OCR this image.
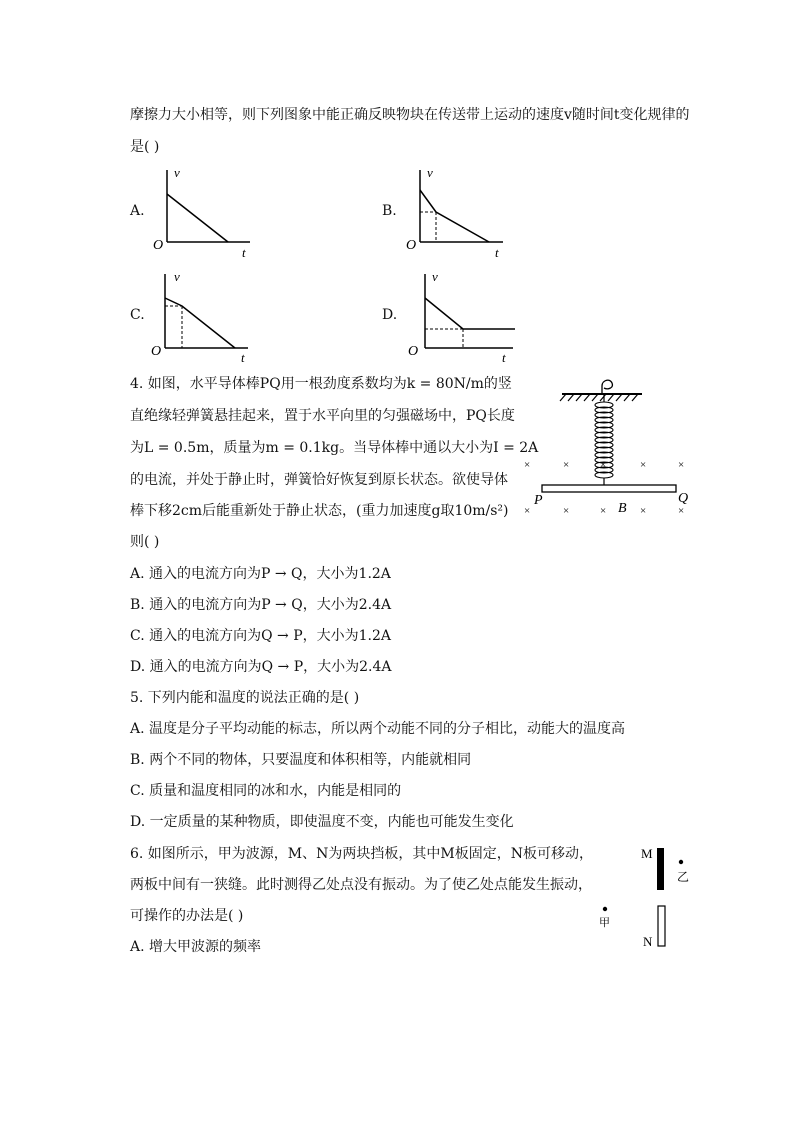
摩擦力大小相等，则下列图象中能正确反映物块在传送带上运动的速度v随时间t变化规律的
是( )
A.
v
O	t
B.
v
O	t
C.
v
O	t
D.
v
O	t
4. 如图，水平导体棒PQ用一根劲度系数均为k = 80N/m的竖
直绝缘轻弹簧悬挂起来，置于水平向里的匀强磁场中，PQ长度
为L = 0.5m，质量为m = 0.1kg。当导体棒中通以大小为I = 2A
的电流，并处于静止时，弹簧恰好恢复到原长状态。欲使导体
棒下移2cm后能重新处于静止状态，(重力加速度g取10m/s²)
则( )
×	×	×	×	×
×	×	×	×	×
P	Q
B
A. 通入的电流方向为P → Q，大小为1.2A
B. 通入的电流方向为P → Q，大小为2.4A
C. 通入的电流方向为Q → P，大小为1.2A
D. 通入的电流方向为Q → P，大小为2.4A
5. 下列内能和温度的说法正确的是( )
A. 温度是分子平均动能的标志，所以两个动能不同的分子相比，动能大的温度高
B. 两个不同的物体，只要温度和体积相等，内能就相同
C. 质量和温度相同的冰和水，内能是相同的
D. 一定质量的某种物质，即使温度不变，内能也可能发生变化
6. 如图所示，甲为波源，M、N为两块挡板，其中M板固定，N板可移动，
两板中间有一狭缝。此时测得乙处点没有振动。为了使乙处点能发生振动，
可操作的办法是( )
A. 增大甲波源的频率
M
乙
甲
N
